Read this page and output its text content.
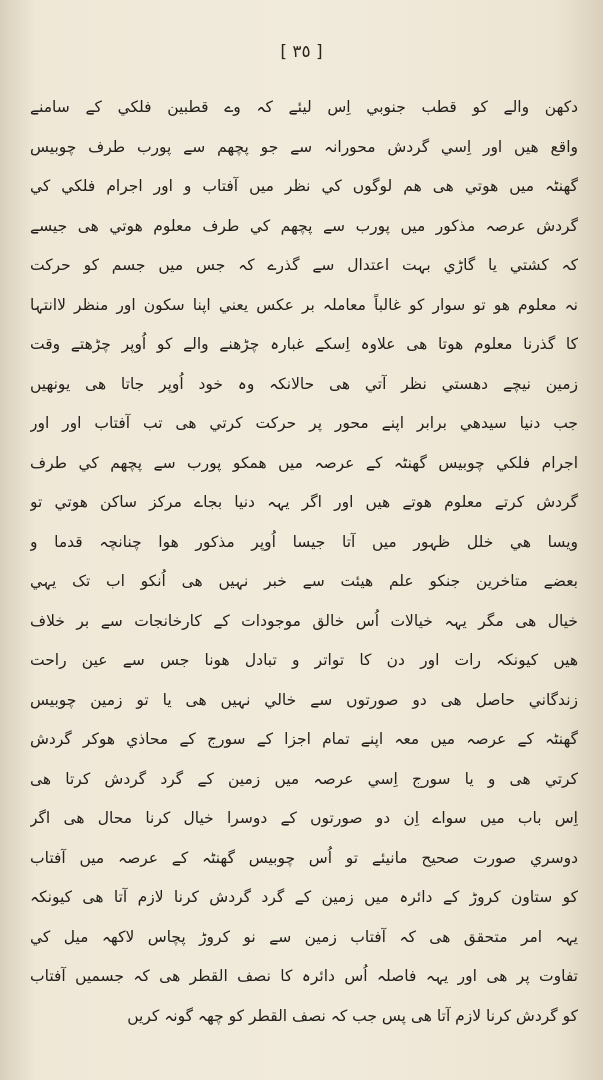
[ ٣٥ ]
دکھن والے کو قطب جنوبي اِس لیئے کہ وے قطبین فلکي کے سامنے
واقع ھیں اور اِسي گردش محورانہ سے جو پچھم سے پورب طرف چوبیس
گھنٹہ میں ھوتي ھی ھم لوگوں کي نظر میں آفتاب و اور اجرام فلکي کي
گردش عرصہ مذکور میں پورب سے پچھم کي طرف معلوم ھوتي ھی جیسے
کہ کشتي یا گاڑي بہت اعتدال سے گذرے کہ جس میں جسم کو حرکت
نہ معلوم ھو تو سوار کو غالباً معاملہ بر عکس یعني اپنا سکون اور منظر لاانتہا
کا گذرنا معلوم ھوتا ھی علاوہ اِسکے غبارہ چڑھنے والے کو اُوپر چڑھتے وقت
زمین نیچے دھستي نظر آتي ھی حالانکہ وہ خود اُوپر جاتا ھی یونھیں
جب دنیا سیدھي برابر اپنے محور پر حرکت کرتي ھی تب آفتاب اور اور
اجرام فلکي چوبیس گھنٹہ کے عرصہ میں ھمکو پورب سے پچھم کي طرف
گردش کرتے معلوم ھوتے ھیں اور اگر یہہ دنیا بجاے مرکز ساکن ھوتي تو
ویسا ھي خلل ظہور میں آتا جیسا اُوپر مذکور ھوا چنانچہ قدما و
بعضے متاخرین جنکو علم ھیئت سے خبر نہیں ھی اُنکو اب تک یہي
خیال ھی مگر یہہ خیالات اُس خالق موجودات کے کارخانجات سے بر خلاف
ھیں کیونکہ رات اور دن کا تواتر و تبادل ھونا جس سے عین راحت
زندگاني حاصل ھی دو صورتوں سے خالي نہیں ھی یا تو زمین چوبیس
گھنٹہ کے عرصہ میں معہ اپنے تمام اجزا کے سورج کے محاذي ھوکر گردش
کرتي ھی و یا سورج اِسي عرصہ میں زمین کے گرد گردش کرتا ھی
اِس باب میں سواے اِن دو صورتوں کے دوسرا خیال کرنا محال ھی اگر
دوسري صورت صحیح مانیئے تو اُس چوبیس گھنٹہ کے عرصہ میں آفتاب
کو ستاون کروڑ کے دائرہ میں زمین کے گرد گردش کرنا لازم آتا ھی کیونکہ
یہہ امر متحقق ھی کہ آفتاب زمین سے نو کروڑ پچاس لاکھہ میل کي
تفاوت پر ھی اور یہہ فاصلہ اُس دائرہ کا نصف القطر ھی کہ جسمیں آفتاب
کو گردش کرنا لازم آتا ھی پس جب کہ نصف القطر کو چھہ گونہ کریں
